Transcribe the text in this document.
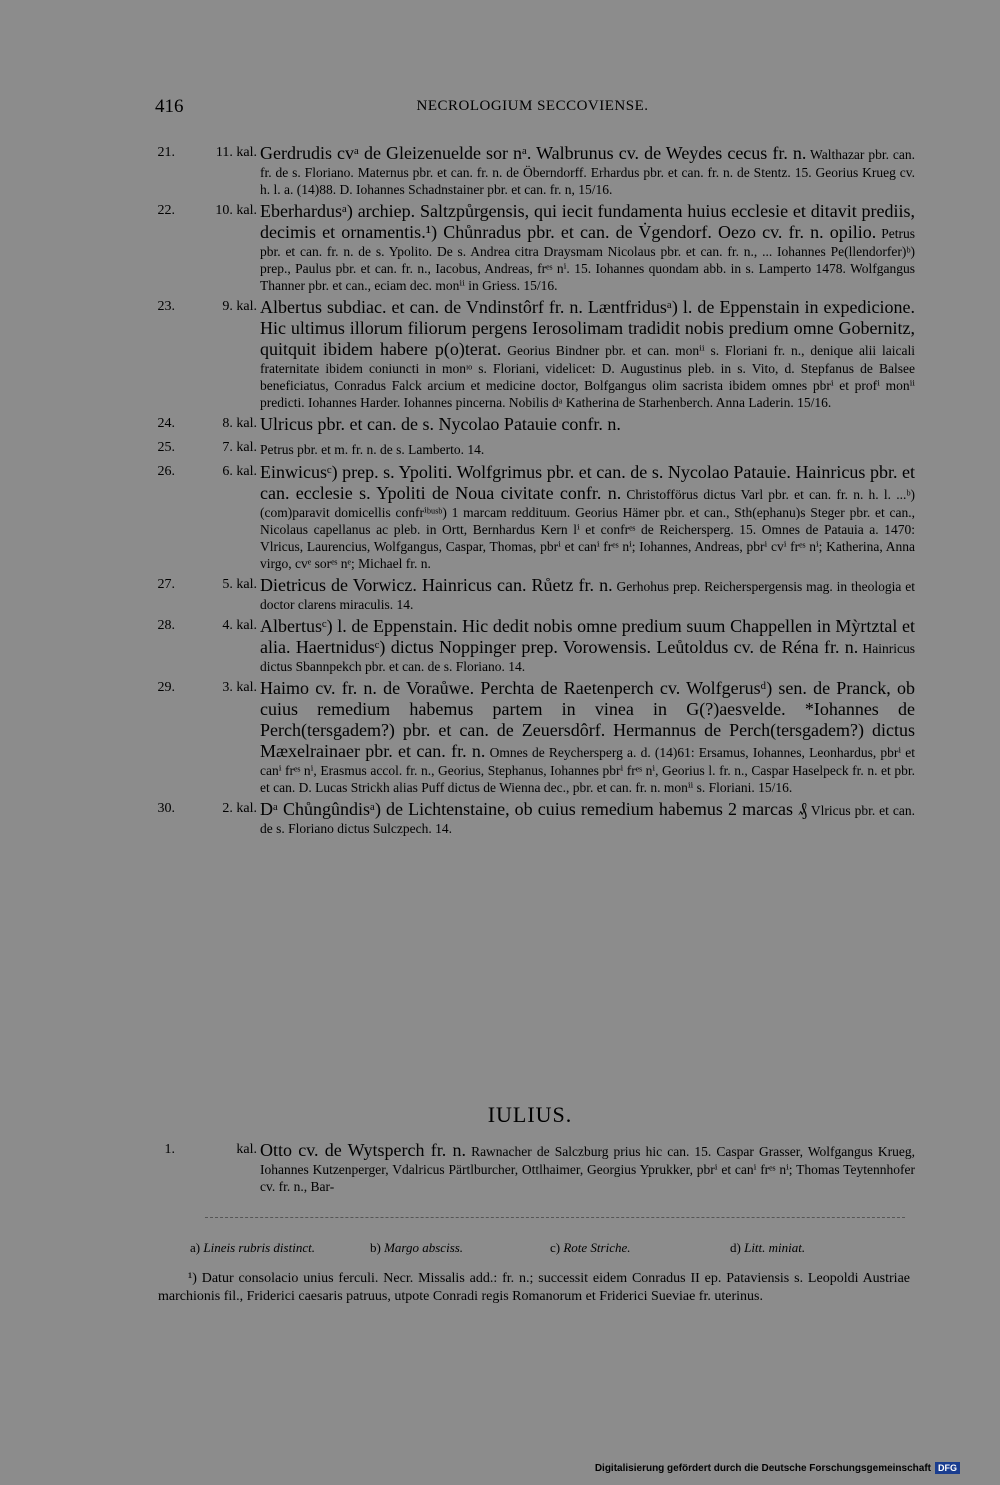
416	NECROLOGIUM SECCOVIENSE.
21.	11. kal. Gerdrudis cvᵃ de Gleizenuelde sor nᵃ. Walbrunus cv. de Weydes cecus fr. n. Walthazar pbr. can. fr. de s. Floriano. Maternus pbr. et can. fr. n. de Öberndorff. Erhardus pbr. et can. fr. n. de Stentz. 15. Georius Krueg cv. h. l. a. (14)88. D. Iohannes Schadnstainer pbr. et can. fr. n, 15/16.
22.	10. kal. Eberhardusᵃ) archiep. Saltzpůrgensis, qui iecit fundamenta huius ecclesie et ditavit prediis, decimis et ornamentis.¹) Chůnradus pbr. et can. de V̇gendorf. Oezo cv. fr. n. opilio. Petrus pbr. et can. fr. n. de s. Ypolito. De s. Andrea citra Draysmam Nicolaus pbr. et can. fr. n., ... Iohannes Pe(llendorfer)ᵇ) prep., Paulus pbr. et can. fr. n., Iacobus, Andreas, frᵉˢ nⁱ. 15. Iohannes quondam abb. in s. Lamperto 1478. Wolfgangus Thanner pbr. et can., eciam dec. monⁱⁱ in Griess. 15/16.
23.	9. kal. Albertus subdiac. et can. de Vndinstôrf fr. n. Læntfridusᵃ) l. de Eppenstain in expedicione. Hic ultimus illorum filiorum pergens Ierosolimam tradidit nobis predium omne Gobernitz, quitquit ibidem habere p(o)terat. Georius Bindner pbr. et can. monⁱⁱ s. Floriani fr. n., denique alii laicali fraternitate ibidem coniuncti in monᶦᵒ s. Floriani, videlicet: D. Augustinus pleb. in s. Vito, d. Stepfanus de Balsee beneficiatus, Conradus Falck arcium et medicine doctor, Bolfgangus olim sacrista ibidem omnes pbrⁱ et profⁱ monⁱⁱ predicti. Iohannes Harder. Iohannes pincerna. Nobilis dᵃ Katherina de Starhenberch. Anna Laderin. 15/16.
24.	8. kal. Ulricus pbr. et can. de s. Nycolao Patauie confr. n.
25.	7. kal. Petrus pbr. et m. fr. n. de s. Lamberto. 14.
26.	6. kal. Einwicusᶜ) prep. s. Ypoliti. Wolfgrimus pbr. et can. de s. Nycolao Patauie. Hainricus pbr. et can. ecclesie s. Ypoliti de Noua civitate confr. n. Christofförus dictus Varl pbr. et can. fr. n. h. l. ...ᵇ) (com)paravit domicellis confrⁱᵇᵘˢᵇ) 1 marcam reddituum. Georius Hämer pbr. et can., Sth(ephanu)s Steger pbr. et can., Nicolaus capellanus ac pleb. in Ortt, Bernhardus Kern lⁱ et confrᵉˢ de Reichersperg. 15. Omnes de Patauia a. 1470: Vlricus, Laurencius, Wolfgangus, Caspar, Thomas, pbrⁱ et canⁱ frᵉˢ nⁱ; Iohannes, Andreas, pbrⁱ cvⁱ frᵉˢ nⁱ; Katherina, Anna virgo, cvᵉ sorᵉˢ nᵉ; Michael fr. n.
27.	5. kal. Dietricus de Vorwicz. Hainricus can. Růetz fr. n. Gerhohus prep. Reicherspergensis mag. in theologia et doctor clarens miraculis. 14.
28.	4. kal. Albertusᶜ) l. de Eppenstain. Hic dedit nobis omne predium suum Chappellen in Mỳrtztal et alia. Haertnidusᶜ) dictus Noppinger prep. Vorowensis. Leůtoldus cv. de Réna fr. n. Hainricus dictus Sbannpekch pbr. et can. de s. Floriano. 14.
29.	3. kal. Haimo cv. fr. n. de Voraůwe. Perchta de Raetenperch cv. Wolfgerusᵈ) sen. de Pranck, ob cuius remedium habemus partem in vinea in G(?)aesvelde. *Iohannes de Perch(tersgadem?) pbr. et can. de Zeuersdôrf. Hermannus de Perch(tersgadem?) dictus Mæxelrainaer pbr. et can. fr. n. Omnes de Reychersperg a. d. (14)61: Ersamus, Iohannes, Leonhardus, pbrⁱ et canⁱ frᵉˢ nⁱ, Erasmus accol. fr. n., Georius, Stephanus, Iohannes pbrⁱ frᵉˢ nⁱ, Georius l. fr. n., Caspar Haselpeck fr. n. et pbr. et can. D. Lucas Strickh alias Puff dictus de Wienna dec., pbr. et can. fr. n. monⁱⁱ s. Floriani. 15/16.
30.	2. kal. Dᵃ Chůngûndisᵃ) de Lichtenstaine, ob cuius remedium habemus 2 marcas ₰ Vlricus pbr. et can. de s. Floriano dictus Sulczpech. 14.
IULIUS.
1.	kal. Otto cv. de Wytsperch fr. n. Rawnacher de Salczburg prius hic can. 15. Caspar Grasser, Wolfgangus Krueg, Iohannes Kutzenperger, Vdalricus Pärtlburcher, Ottlhaimer, Georgius Yprukker, pbrⁱ et canⁱ frᵉˢ nⁱ; Thomas Teytennhofer cv. fr. n., Bar-
a) Lineis rubris distinct.	b) Margo absciss.	c) Rote Striche.	d) Litt. miniat.
¹) Datur consolacio unius ferculi. Necr. Missalis add.: fr. n.; successit eidem Conradus II ep. Pataviensis s. Leopoldi Austriae marchionis fil., Friderici caesaris patruus, utpote Conradi regis Romanorum et Friderici Sueviae fr. uterinus.
Digitalisierung gefördert durch die Deutsche Forschungsgemeinschaft DFG
